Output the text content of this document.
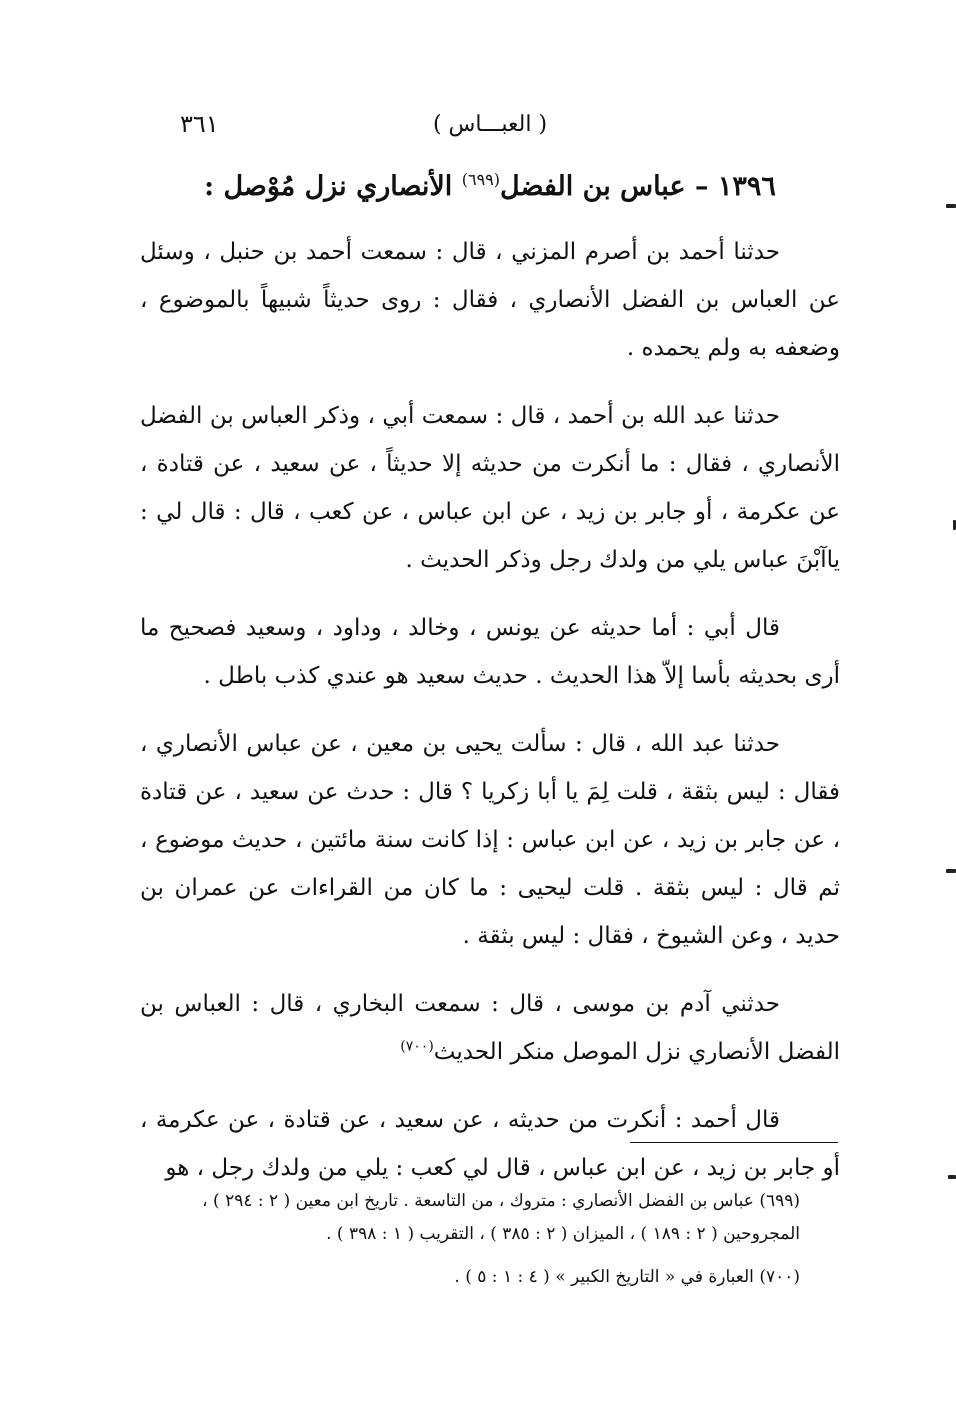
( العبـــاس )
٣٦١
١٣٩٦ – عباس بن الفضل$^{(٦٩٩)}$ الأنصاري نزل مُوْصل :

حدثنا أحمد بن أصرم المزني ، قال : سمعت أحمد بن حنبل ، وسئل عن العباس بن الفضل الأنصاري ، فقال : روى حديثاً شبيهاً بالموضوع ، وضعفه به ولم يحمده .

حدثنا عبد الله بن أحمد ، قال : سمعت أبي ، وذكر العباس بن الفضل الأنصاري ، فقال : ما أنكرت من حديثه إلا حديثاً ، عن سعيد ، عن قتادة ، عن عكرمة ، أو جابر بن زيد ، عن ابن عباس ، عن كعب ، قال : قال لي : ياآبْنَ عباس يلي من ولدك رجل وذكر الحديث .

قال أبي : أما حديثه عن يونس ، وخالد ، وداود ، وسعيد فصحيح ما أرى بحديثه بأسا إلاّ هذا الحديث . حديث سعيد هو عندي كذب باطل .

حدثنا عبد الله ، قال : سألت يحيى بن معين ، عن عباس الأنصاري ، فقال : ليس بثقة ، قلت لِمَ يا أبا زكريا ؟ قال : حدث عن سعيد ، عن قتادة ، عن جابر بن زيد ، عن ابن عباس : إذا كانت سنة مائتين ، حديث موضوع ، ثم قال : ليس بثقة . قلت ليحيى : ما كان من القراءات عن عمران بن حديد ، وعن الشيوخ ، فقال : ليس بثقة .

حدثني آدم بن موسى ، قال : سمعت البخاري ، قال : العباس بن الفضل الأنصاري نزل الموصل منكر الحديث$^{(٧٠٠)}$

قال أحمد : أنكرت من حديثه ، عن سعيد ، عن قتادة ، عن عكرمة ، أو جابر بن زيد ، عن ابن عباس ، قال لي كعب : يلي من ولدك رجل ، هو

(٦٩٩) عباس بن الفضل الأنصاري : متروك ، من التاسعة . تاريخ ابن معين ( ٢ : ٢٩٤ ) ، المجروحين ( ٢ : ١٨٩ ) ، الميزان ( ٢ : ٣٨٥ ) ، التقريب ( ١ : ٣٩٨ ) .

(٧٠٠) العبارة في « التاريخ الكبير » ( ٤ : ١ : ٥ ) .
